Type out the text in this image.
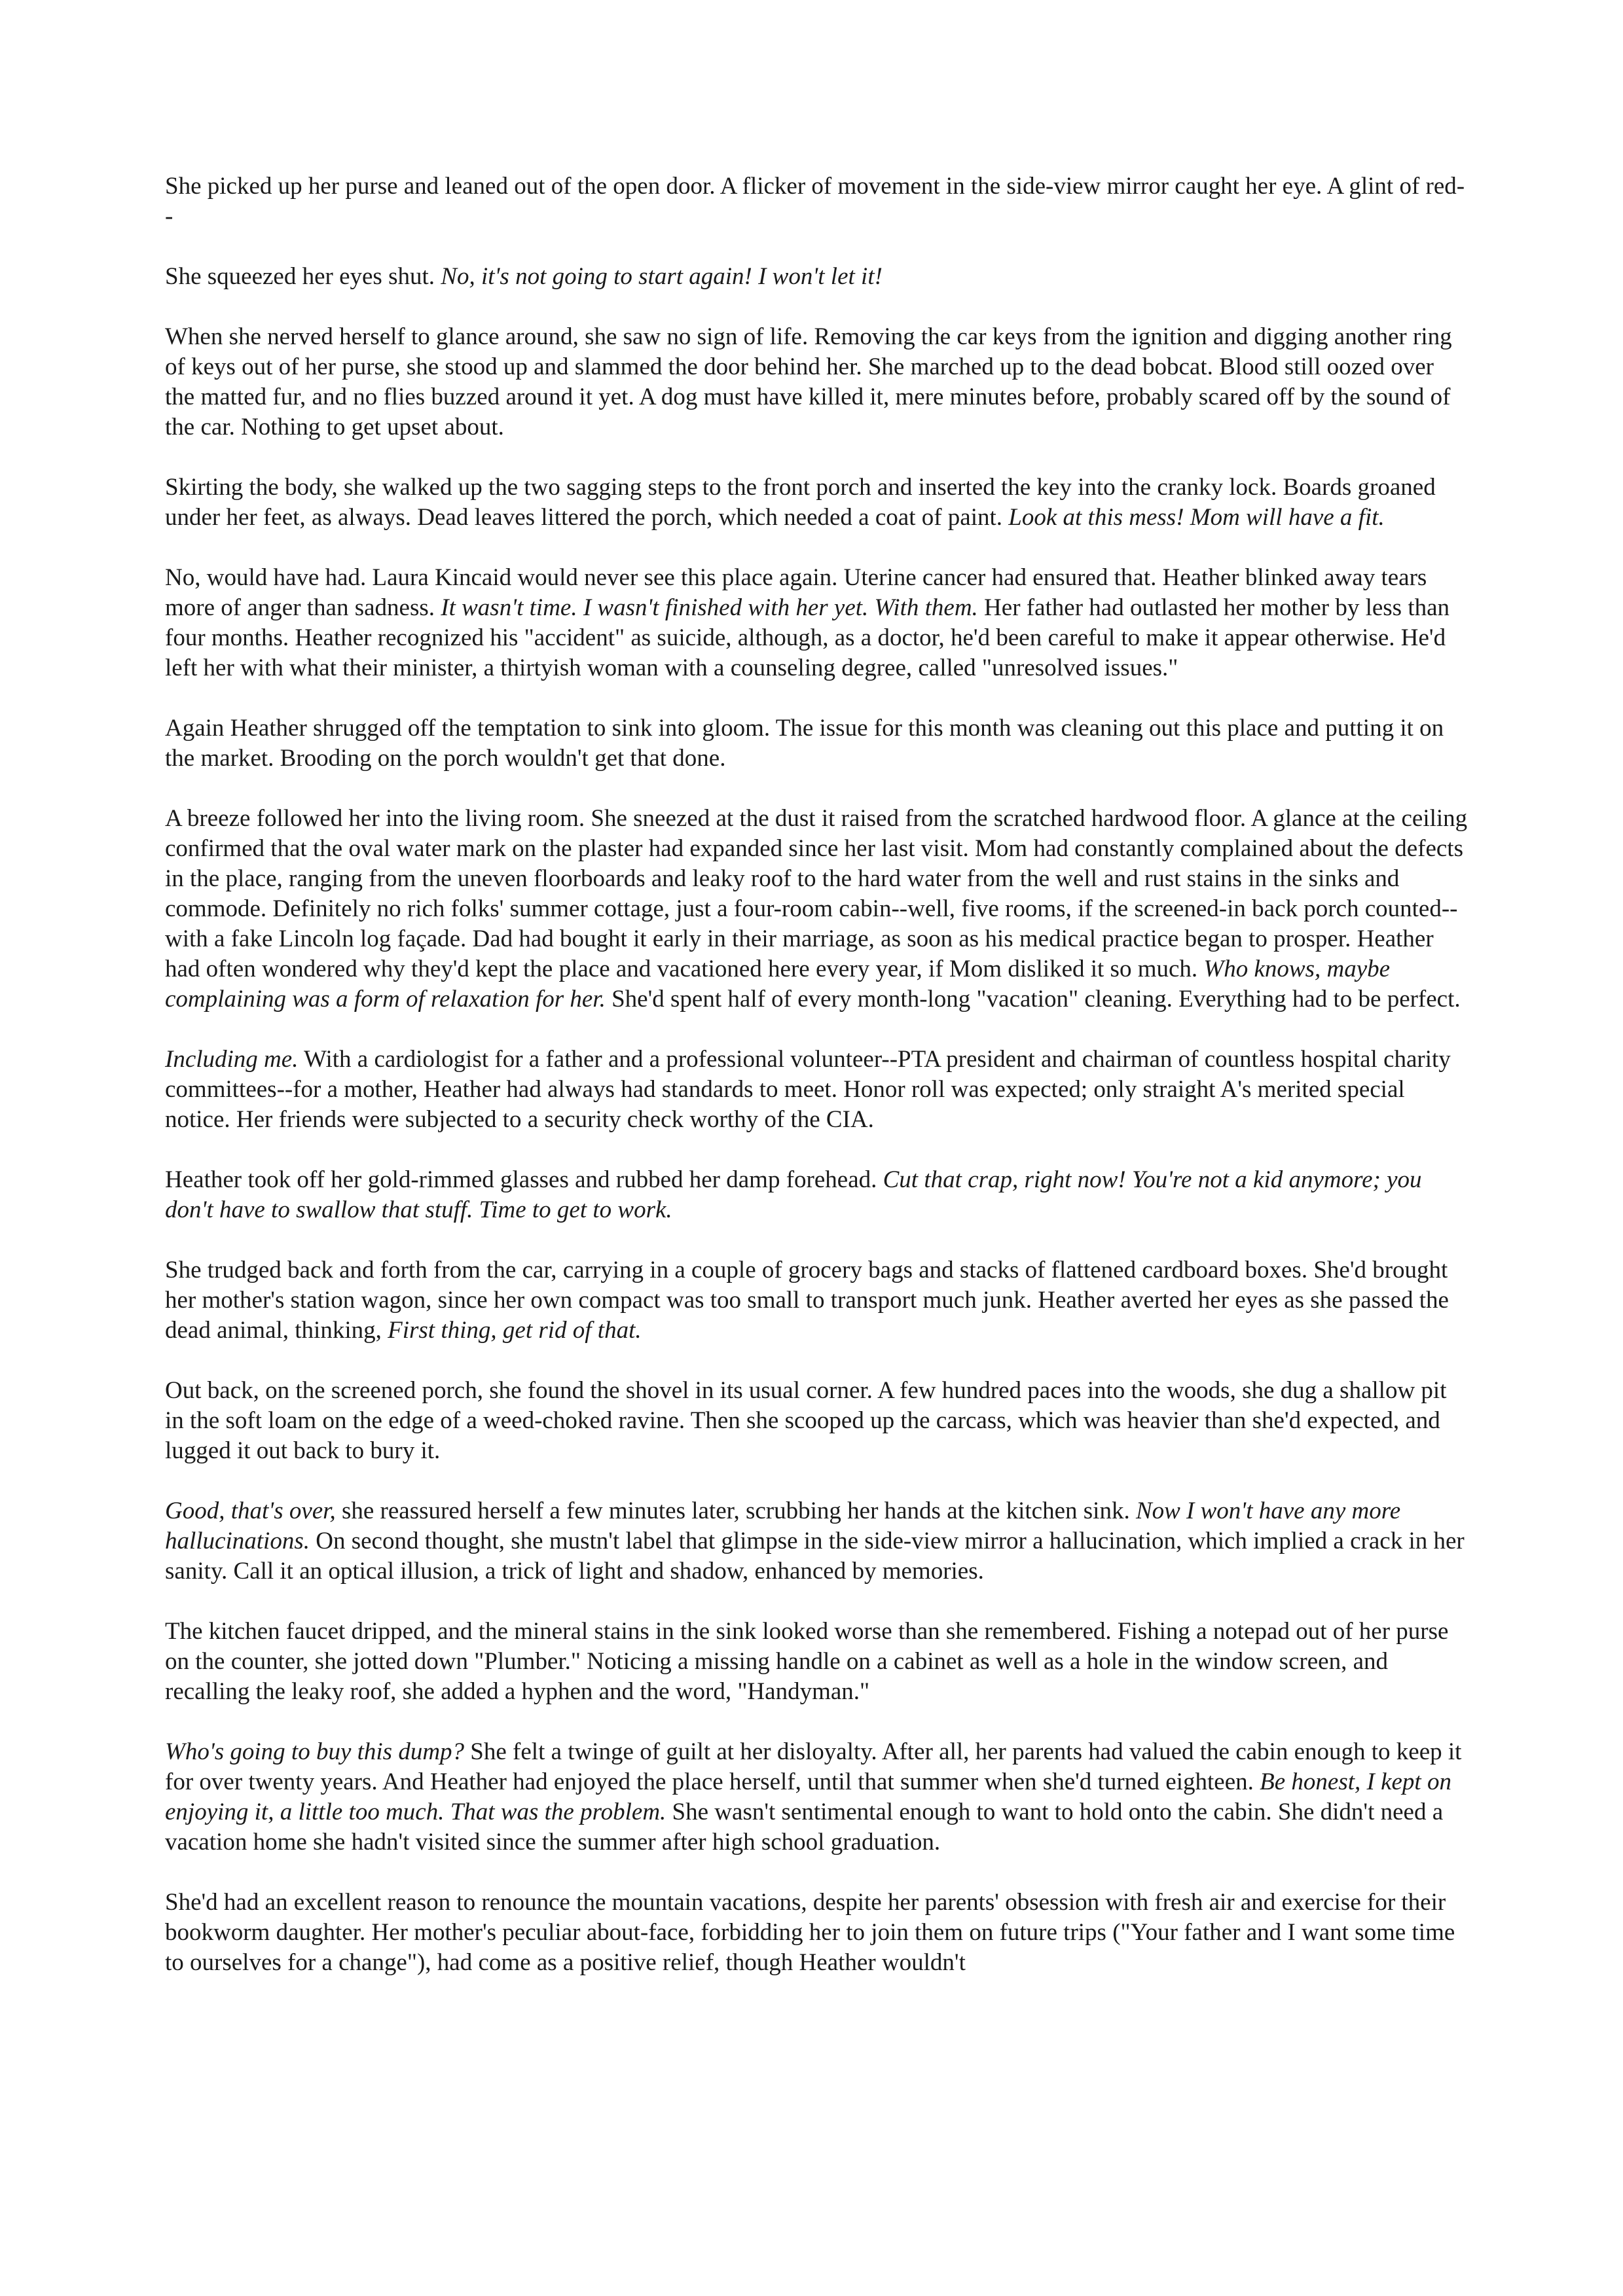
She picked up her purse and leaned out of the open door. A flicker of movement in the side-view mirror caught her eye. A glint of red--

She squeezed her eyes shut. No, it's not going to start again! I won't let it!

When she nerved herself to glance around, she saw no sign of life. Removing the car keys from the ignition and digging another ring of keys out of her purse, she stood up and slammed the door behind her. She marched up to the dead bobcat. Blood still oozed over the matted fur, and no flies buzzed around it yet. A dog must have killed it, mere minutes before, probably scared off by the sound of the car. Nothing to get upset about.

Skirting the body, she walked up the two sagging steps to the front porch and inserted the key into the cranky lock. Boards groaned under her feet, as always. Dead leaves littered the porch, which needed a coat of paint. Look at this mess! Mom will have a fit.

No, would have had. Laura Kincaid would never see this place again. Uterine cancer had ensured that. Heather blinked away tears more of anger than sadness. It wasn't time. I wasn't finished with her yet. With them. Her father had outlasted her mother by less than four months. Heather recognized his "accident" as suicide, although, as a doctor, he'd been careful to make it appear otherwise. He'd left her with what their minister, a thirtyish woman with a counseling degree, called "unresolved issues."

Again Heather shrugged off the temptation to sink into gloom. The issue for this month was cleaning out this place and putting it on the market. Brooding on the porch wouldn't get that done.

A breeze followed her into the living room. She sneezed at the dust it raised from the scratched hardwood floor. A glance at the ceiling confirmed that the oval water mark on the plaster had expanded since her last visit. Mom had constantly complained about the defects in the place, ranging from the uneven floorboards and leaky roof to the hard water from the well and rust stains in the sinks and commode. Definitely no rich folks' summer cottage, just a four-room cabin--well, five rooms, if the screened-in back porch counted--with a fake Lincoln log façade. Dad had bought it early in their marriage, as soon as his medical practice began to prosper. Heather had often wondered why they'd kept the place and vacationed here every year, if Mom disliked it so much. Who knows, maybe complaining was a form of relaxation for her. She'd spent half of every month-long "vacation" cleaning. Everything had to be perfect.

Including me. With a cardiologist for a father and a professional volunteer--PTA president and chairman of countless hospital charity committees--for a mother, Heather had always had standards to meet. Honor roll was expected; only straight A's merited special notice. Her friends were subjected to a security check worthy of the CIA.

Heather took off her gold-rimmed glasses and rubbed her damp forehead. Cut that crap, right now! You're not a kid anymore; you don't have to swallow that stuff. Time to get to work.

She trudged back and forth from the car, carrying in a couple of grocery bags and stacks of flattened cardboard boxes. She'd brought her mother's station wagon, since her own compact was too small to transport much junk. Heather averted her eyes as she passed the dead animal, thinking, First thing, get rid of that.

Out back, on the screened porch, she found the shovel in its usual corner. A few hundred paces into the woods, she dug a shallow pit in the soft loam on the edge of a weed-choked ravine. Then she scooped up the carcass, which was heavier than she'd expected, and lugged it out back to bury it.

Good, that's over, she reassured herself a few minutes later, scrubbing her hands at the kitchen sink. Now I won't have any more hallucinations. On second thought, she mustn't label that glimpse in the side-view mirror a hallucination, which implied a crack in her sanity. Call it an optical illusion, a trick of light and shadow, enhanced by memories.

The kitchen faucet dripped, and the mineral stains in the sink looked worse than she remembered. Fishing a notepad out of her purse on the counter, she jotted down "Plumber." Noticing a missing handle on a cabinet as well as a hole in the window screen, and recalling the leaky roof, she added a hyphen and the word, "Handyman."

Who's going to buy this dump? She felt a twinge of guilt at her disloyalty. After all, her parents had valued the cabin enough to keep it for over twenty years. And Heather had enjoyed the place herself, until that summer when she'd turned eighteen. Be honest, I kept on enjoying it, a little too much. That was the problem. She wasn't sentimental enough to want to hold onto the cabin. She didn't need a vacation home she hadn't visited since the summer after high school graduation.

She'd had an excellent reason to renounce the mountain vacations, despite her parents' obsession with fresh air and exercise for their bookworm daughter. Her mother's peculiar about-face, forbidding her to join them on future trips ("Your father and I want some time to ourselves for a change"), had come as a positive relief, though Heather wouldn't
